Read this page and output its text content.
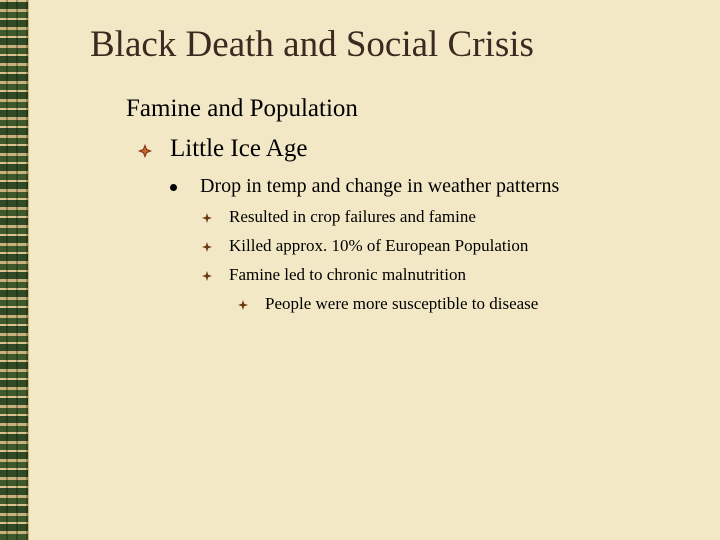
Black Death and Social Crisis
Famine and Population
Little Ice Age
Drop in temp and change in weather patterns
Resulted in crop failures and famine
Killed approx. 10% of European Population
Famine led to chronic malnutrition
People were more susceptible to disease
